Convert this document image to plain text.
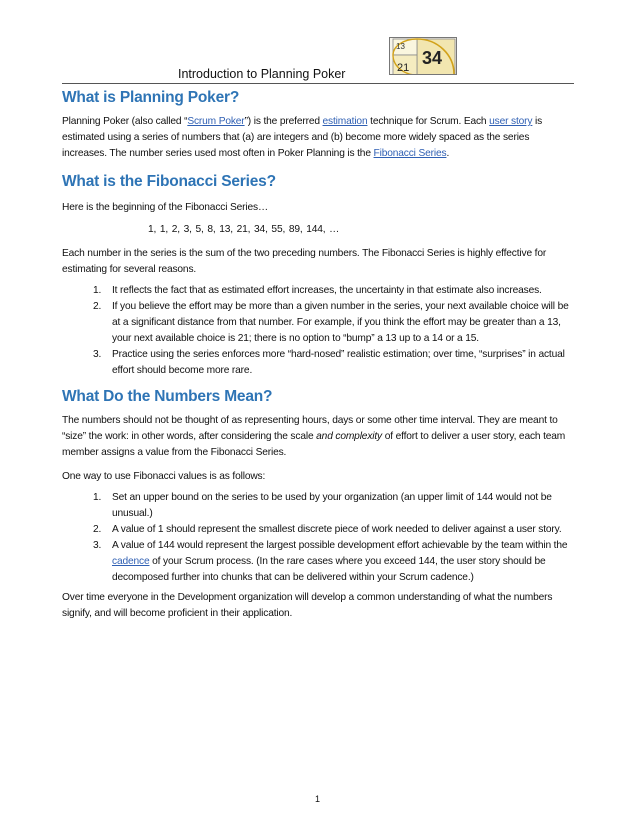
Introduction to Planning Poker
13
21 34
What is Planning Poker?

Planning Poker (also called “Scrum Poker”) is the preferred estimation technique for Scrum. Each user story is estimated using a series of numbers that (a) are integers and (b) become more widely spaced as the series increases. The number series used most often in Poker Planning is the Fibonacci Series.

What is the Fibonacci Series?

Here is the beginning of the Fibonacci Series…

1, 1, 2, 3, 5, 8, 13, 21, 34, 55, 89, 144, …

Each number in the series is the sum of the two preceding numbers. The Fibonacci Series is highly effective for estimating for several reasons.

1. It reflects the fact that as estimated effort increases, the uncertainty in that estimate also increases.
2. If you believe the effort may be more than a given number in the series, your next available choice will be at a significant distance from that number. For example, if you think the effort may be greater than a 13, your next available choice is 21; there is no option to “bump” a 13 up to a 14 or a 15.
3. Practice using the series enforces more “hard-nosed” realistic estimation; over time, “surprises” in actual effort should become more rare.
What Do the Numbers Mean?

The numbers should not be thought of as representing hours, days or some other time interval. They are meant to “size” the work: in other words, after considering the scale and complexity of effort to deliver a user story, each team member assigns a value from the Fibonacci Series.

One way to use Fibonacci values is as follows:

1. Set an upper bound on the series to be used by your organization (an upper limit of 144 would not be unusual.)
2. A value of 1 should represent the smallest discrete piece of work needed to deliver against a user story.
3. A value of 144 would represent the largest possible development effort achievable by the team within the cadence of your Scrum process. (In the rare cases where you exceed 144, the user story should be decomposed further into chunks that can be delivered within your Scrum cadence.)

Over time everyone in the Development organization will develop a common understanding of what the numbers signify, and will become proficient in their application.

1
